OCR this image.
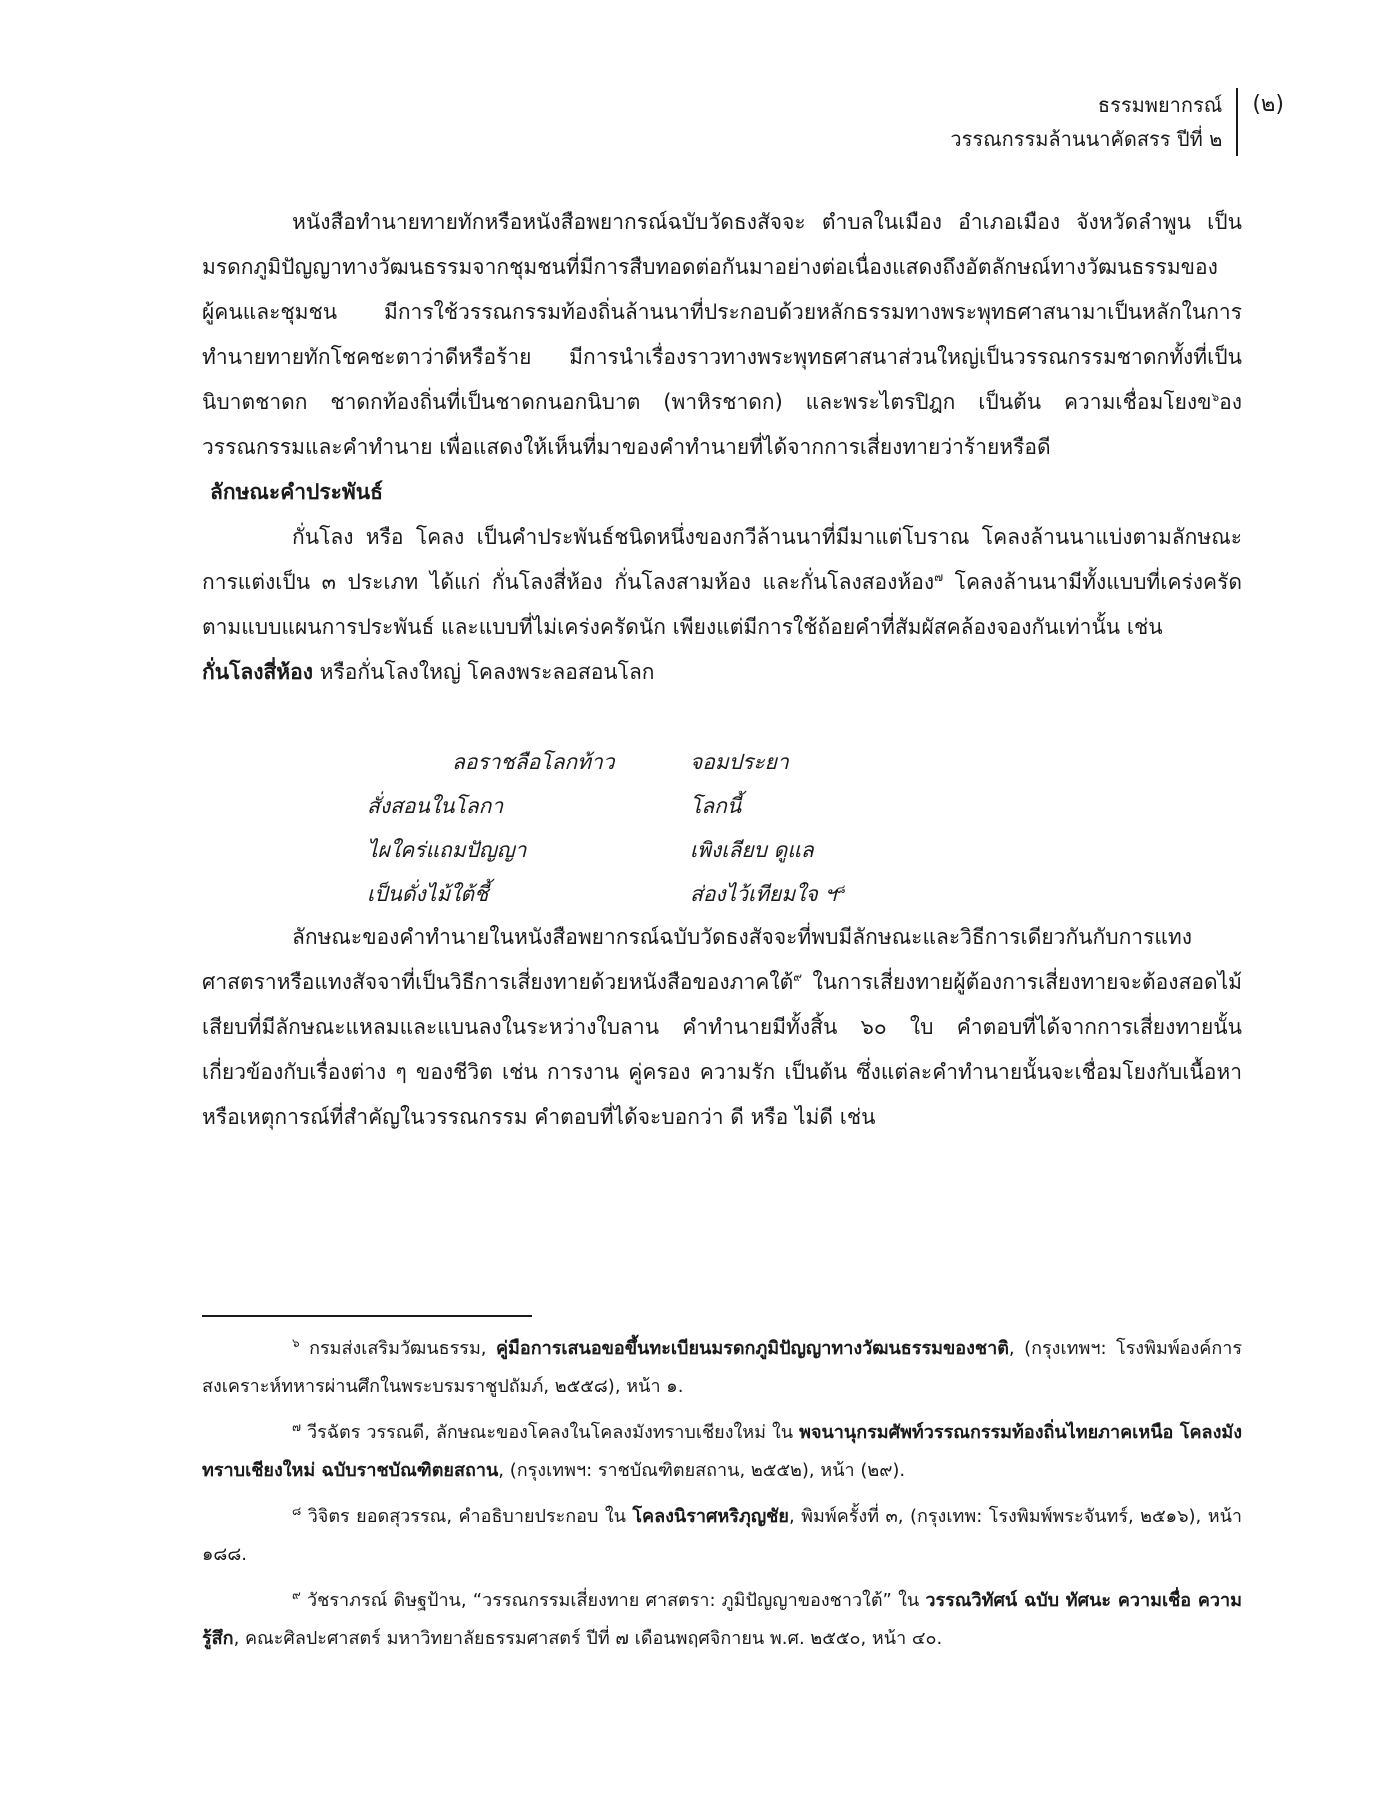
ธรรมพยากรณ์
วรรณกรรมล้านนาคัดสรร ปีที่ ๒
(๒)

หนังสือทำนายทายทักหรือหนังสือพยากรณ์ฉบับวัดธงสัจจะ ตำบลในเมือง อำเภอเมือง จังหวัดลำพูน เป็นมรดกภูมิปัญญาทางวัฒนธรรมจากชุมชนที่มีการสืบทอดต่อกันมาอย่างต่อเนื่องแสดงถึงอัตลักษณ์ทางวัฒนธรรมของผู้คนและชุมชน มีการใช้วรรณกรรมท้องถิ่นล้านนาที่ประกอบด้วยหลักธรรมทางพระพุทธศาสนามาเป็นหลักในการทำนายทายทักโชคชะตาว่าดีหรือร้าย มีการนำเรื่องราวทางพระพุทธศาสนาส่วนใหญ่เป็นวรรณกรรมชาดกทั้งที่เป็นนิบาตชาดก ชาดกท้องถิ่นที่เป็นชาดกนอกนิบาต (พาหิรชาดก) และพระไตรปิฎก เป็นต้น ความเชื่อมโยงข$^๖$องวรรณกรรมและคำทำนาย เพื่อแสดงให้เห็นที่มาของคำทำนายที่ได้จากการเสี่ยงทายว่าร้ายหรือดี

ลักษณะคำประพันธ์

กั่นโลง หรือ โคลง เป็นคำประพันธ์ชนิดหนึ่งของกวีล้านนาที่มีมาแต่โบราณ โคลงล้านนาแบ่งตามลักษณะการแต่งเป็น ๓ ประเภท ได้แก่ กั่นโลงสี่ห้อง กั่นโลงสามห้อง และกั่นโลงสองห้อง$^๗$ โคลงล้านนามีทั้งแบบที่เคร่งครัดตามแบบแผนการประพันธ์ และแบบที่ไม่เคร่งครัดนัก เพียงแต่มีการใช้ถ้อยคำที่สัมผัสคล้องจองกันเท่านั้น เช่น

กั่นโลงสี่ห้อง หรือกั่นโลงใหญ่ โคลงพระลอสอนโลก

ลอราชลือโลกท้าว	จอมประยา
สั่งสอนในโลกา	โลกนี้
ไผใคร่แถมปัญญา	เพิงเลียบ ดูแล
เป็นดั่งไม้ใต้ชี้	ส่องไว้เทียมใจ ฯ$^๘$

ลักษณะของคำทำนายในหนังสือพยากรณ์ฉบับวัดธงสัจจะที่พบมีลักษณะและวิธีการเดียวกันกับการแทงศาสตราหรือแทงสัจจาที่เป็นวิธีการเสี่ยงทายด้วยหนังสือของภาคใต้$^๙$ ในการเสี่ยงทายผู้ต้องการเสี่ยงทายจะต้องสอดไม้เสียบที่มีลักษณะแหลมและแบนลงในระหว่างใบลาน คำทำนายมีทั้งสิ้น ๖๐ ใบ คำตอบที่ได้จากการเสี่ยงทายนั้นเกี่ยวข้องกับเรื่องต่าง ๆ ของชีวิต เช่น การงาน คู่ครอง ความรัก เป็นต้น ซึ่งแต่ละคำทำนายนั้นจะเชื่อมโยงกับเนื้อหาหรือเหตุการณ์ที่สำคัญในวรรณกรรม คำตอบที่ได้จะบอกว่า ดี หรือ ไม่ดี เช่น

$^๖$ กรมส่งเสริมวัฒนธรรม, คู่มือการเสนอขอขึ้นทะเบียนมรดกภูมิปัญญาทางวัฒนธรรมของชาติ, (กรุงเทพฯ: โรงพิมพ์องค์การสงเคราะห์ทหารผ่านศึกในพระบรมราชูปถัมภ์, ๒๕๕๘), หน้า ๑.

$^๗$ วีรฉัตร วรรณดี, ลักษณะของโคลงในโคลงมังทราบเชียงใหม่ ใน พจนานุกรมศัพท์วรรณกรรมท้องถิ่นไทยภาคเหนือ โคลงมังทราบเชียงใหม่ ฉบับราชบัณฑิตยสถาน, (กรุงเทพฯ: ราชบัณฑิตยสถาน, ๒๕๕๒), หน้า (๒๙).

$^๘$ วิจิตร ยอดสุวรรณ, คำอธิบายประกอบ ใน โคลงนิราศหริภุญชัย, พิมพ์ครั้งที่ ๓, (กรุงเทพ: โรงพิมพ์พระจันทร์, ๒๕๑๖), หน้า ๑๘๘.

$^๙$ วัชราภรณ์ ดิษฐป้าน, “วรรณกรรมเสี่ยงทาย ศาสตรา: ภูมิปัญญาของชาวใต้” ใน วรรณวิทัศน์ ฉบับ ทัศนะ ความเชื่อ ความรู้สึก, คณะศิลปะศาสตร์ มหาวิทยาลัยธรรมศาสตร์ ปีที่ ๗ เดือนพฤศจิกายน พ.ศ. ๒๕๕๐, หน้า ๔๐.
